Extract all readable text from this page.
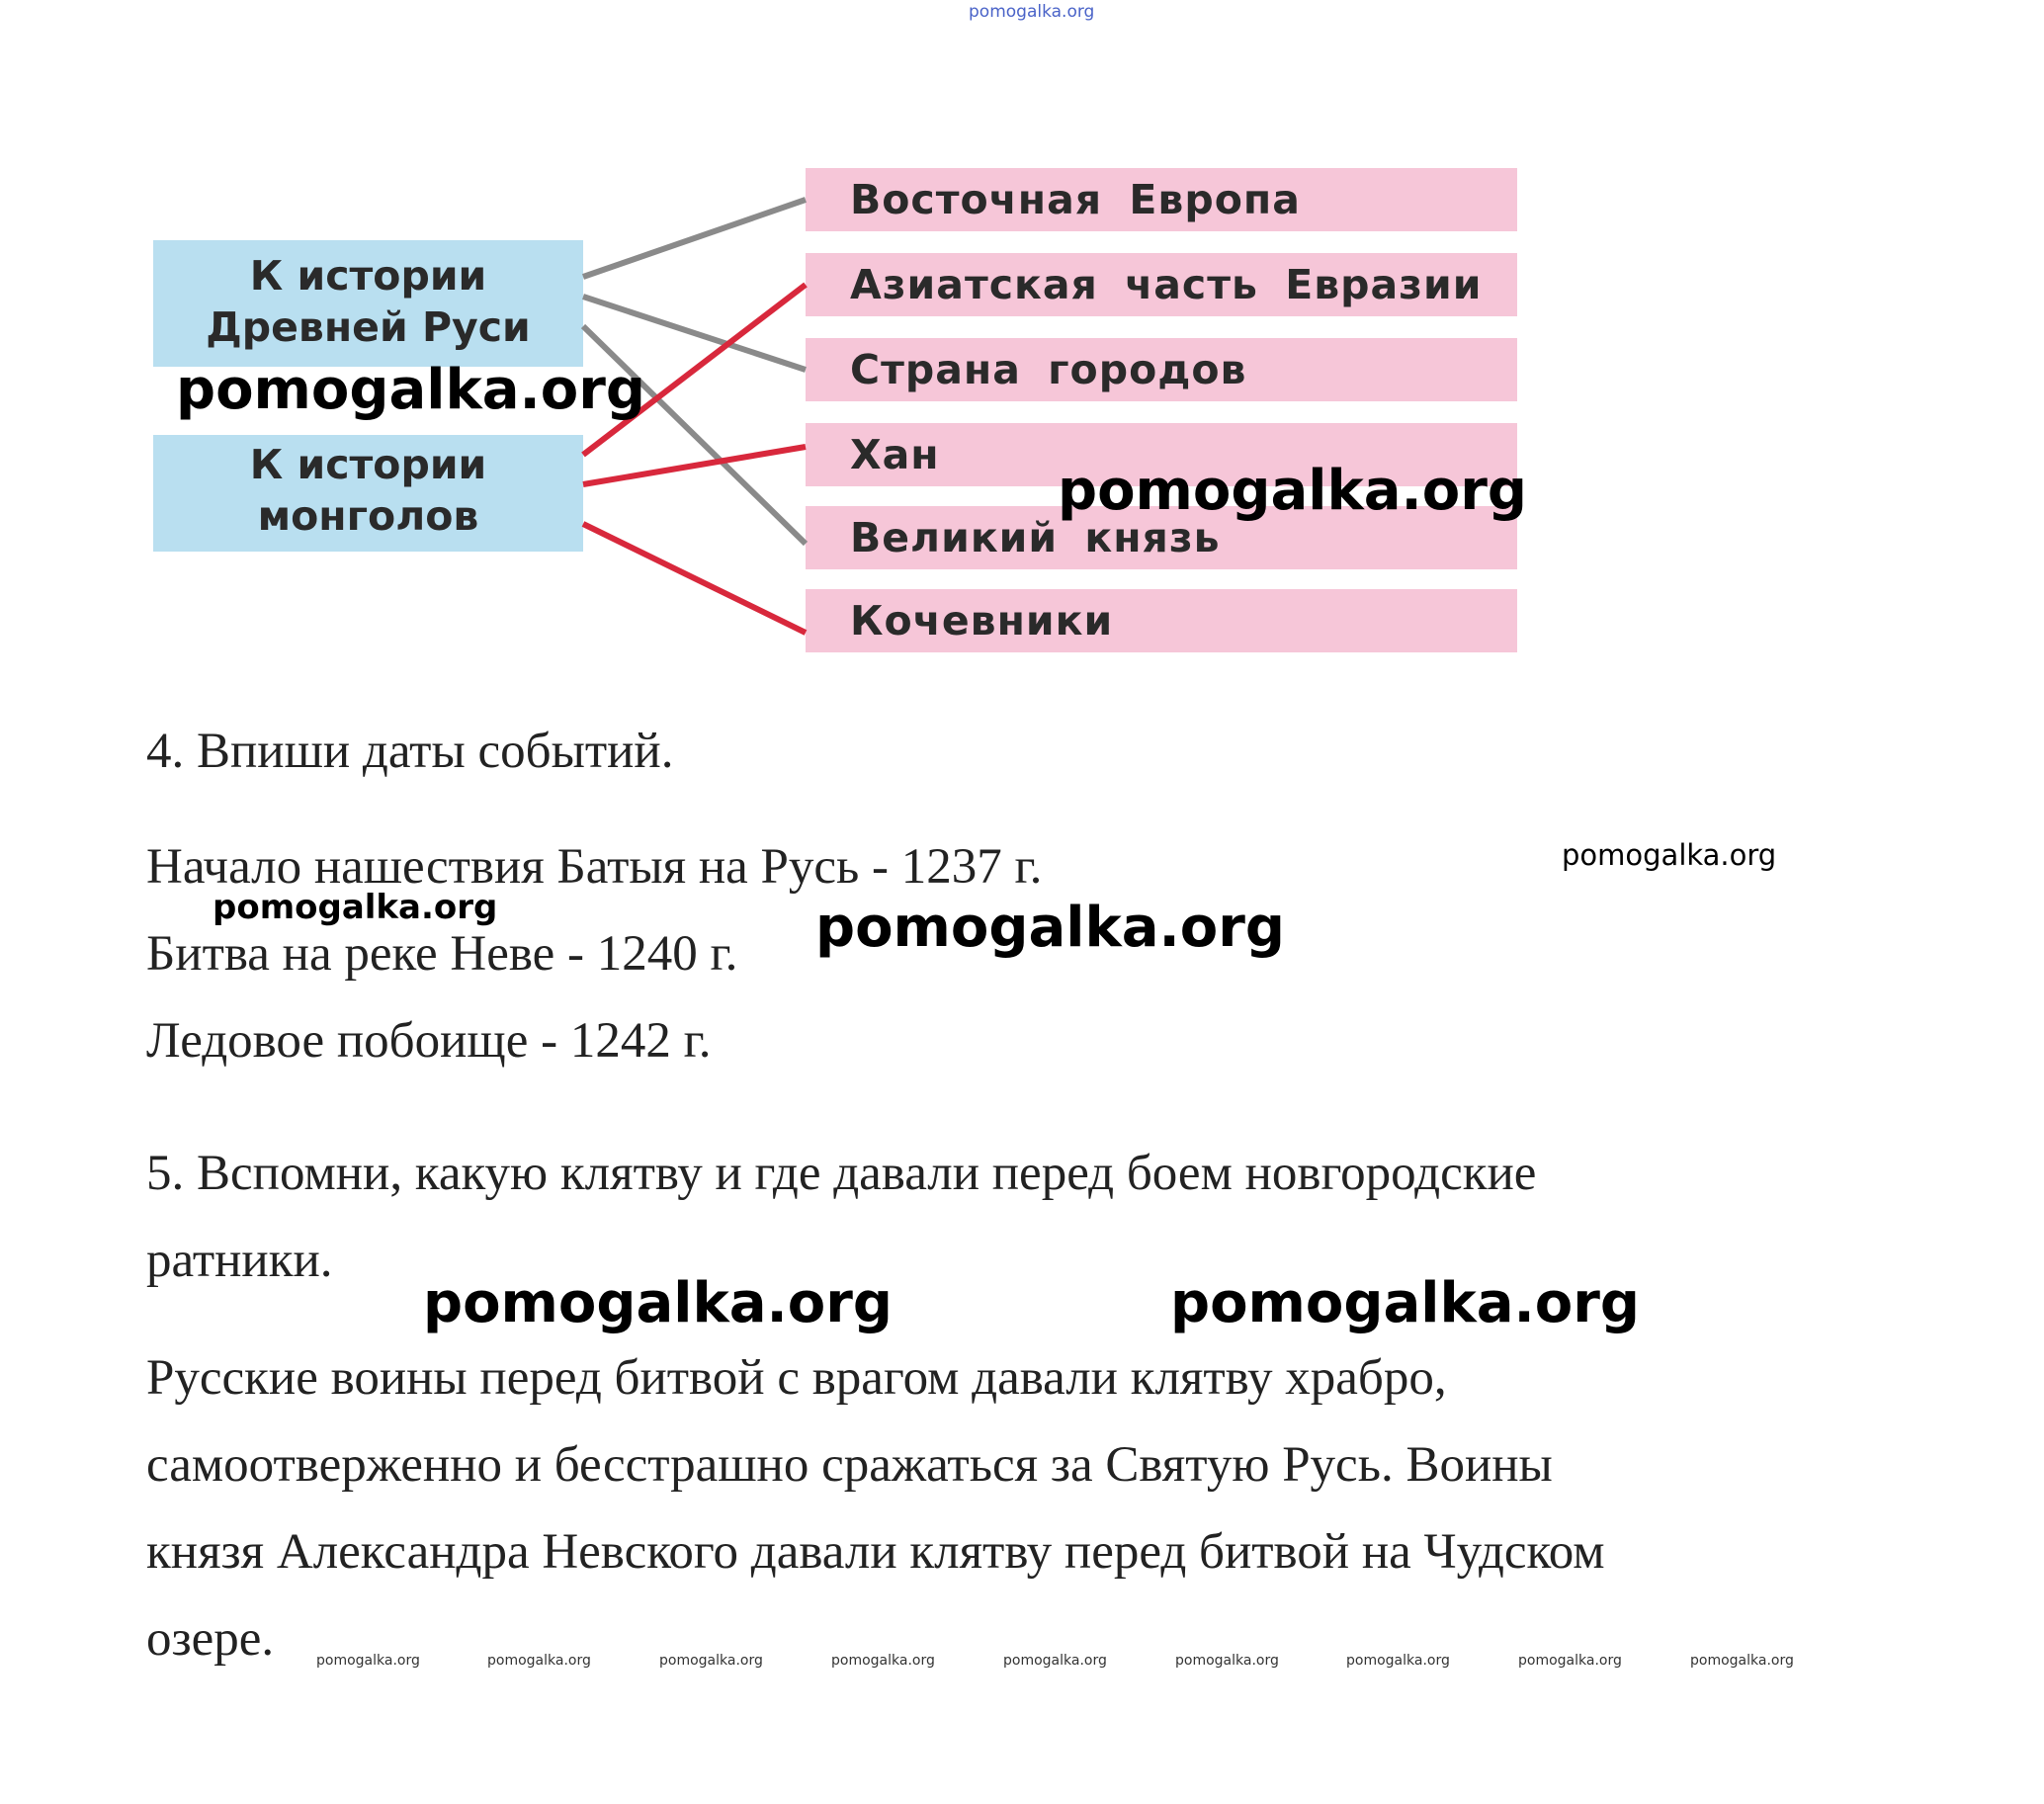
pomogalka.org
К истории
Древней Руси
К истории
монголов
Восточная Европа
Азиатская часть Евразии
Страна городов
Хан
Великий князь
Кочевники
4. Впиши даты событий.
Начало нашествия Батыя на Русь - 1237 г.
Битва на реке Неве - 1240 г.
Ледовое побоище - 1242 г.
5. Вспомни, какую клятву и где давали перед боем новгородские
ратники.
Русские воины перед битвой с врагом давали клятву храбро,
самоотверженно и бесстрашно сражаться за Святую Русь. Воины
князя Александра Невского давали клятву перед битвой на Чудском
озере.
pomogalka.org
pomogalka.org
pomogalka.org
pomogalka.org	pomogalka.org
pomogalka.org	pomogalka.org
pomogalka.org	pomogalka.org	pomogalka.org	pomogalka.org	pomogalka.org	pomogalka.org	pomogalka.org	pomogalka.org	pomogalka.org
